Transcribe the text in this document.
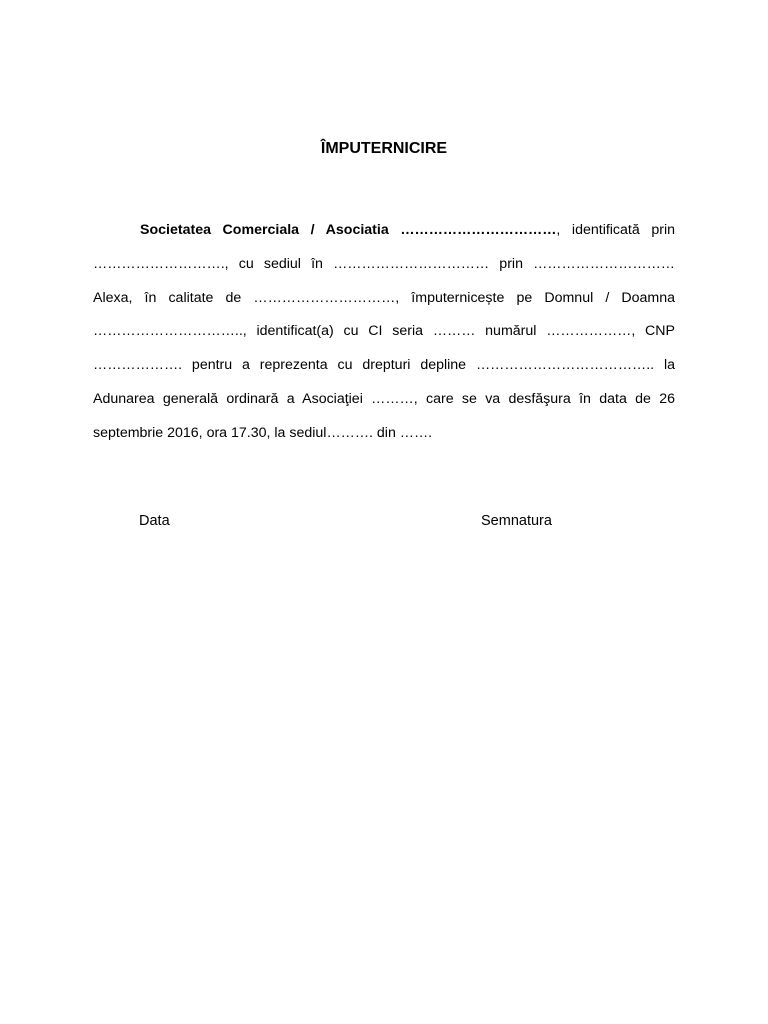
ÎMPUTERNICIRE
Societatea Comerciala / Asociatia ……………………………, identificată prin ………………………., cu sediul în …………………………… prin ………………………… Alexa, în calitate de …………………………, împuternicește pe Domnul / Doamna ………………………….., identificat(a) cu CI seria ……… numărul ………………, CNP ………………. pentru a reprezenta cu drepturi depline ……………………………….. la Adunarea generală ordinară a Asociaţiei ………, care se va desfăşura în data de 26 septembrie 2016, ora 17.30, la sediul………. din …….
Data	Semnatura
